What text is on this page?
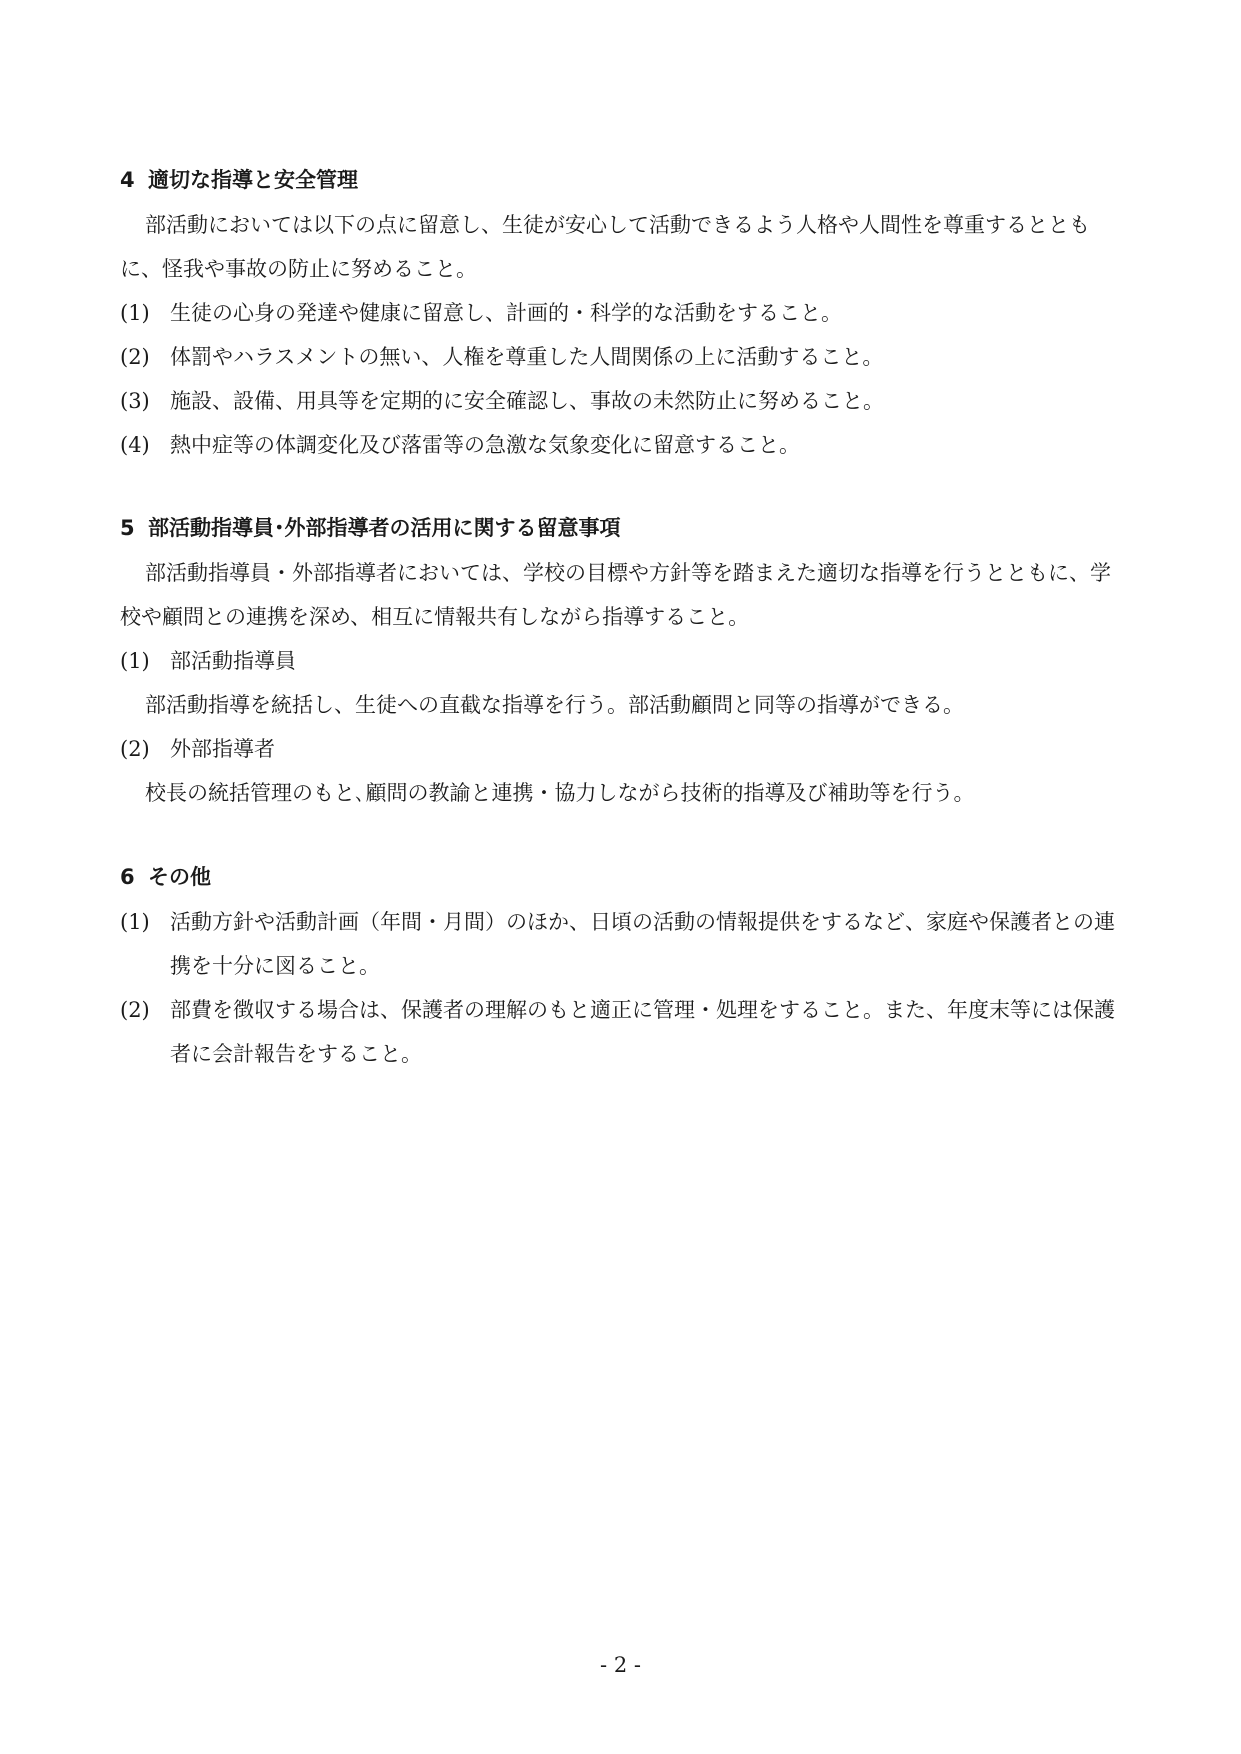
4 適切な指導と安全管理

部活動においては以下の点に留意し、生徒が安心して活動できるよう人格や人間性を尊重するとともに、怪我や事故の防止に努めること。

(1) 生徒の心身の発達や健康に留意し、計画的・科学的な活動をすること。

(2) 体罰やハラスメントの無い、人権を尊重した人間関係の上に活動すること。

(3) 施設、設備、用具等を定期的に安全確認し、事故の未然防止に努めること。

(4) 熱中症等の体調変化及び落雷等の急激な気象変化に留意すること。

5 部活動指導員･外部指導者の活用に関する留意事項

部活動指導員・外部指導者においては、学校の目標や方針等を踏まえた適切な指導を行うとともに、学校や顧問との連携を深め、相互に情報共有しながら指導すること。

(1) 部活動指導員

部活動指導を統括し、生徒への直截な指導を行う。部活動顧問と同等の指導ができる。

(2) 外部指導者

校長の統括管理のもと､顧問の教諭と連携・協力しながら技術的指導及び補助等を行う。

6 その他

(1) 活動方針や活動計画（年間・月間）のほか、日頃の活動の情報提供をするなど、家庭や保護者との連携を十分に図ること。

(2) 部費を徴収する場合は、保護者の理解のもと適正に管理・処理をすること。また、年度末等には保護者に会計報告をすること。

- 2 -
